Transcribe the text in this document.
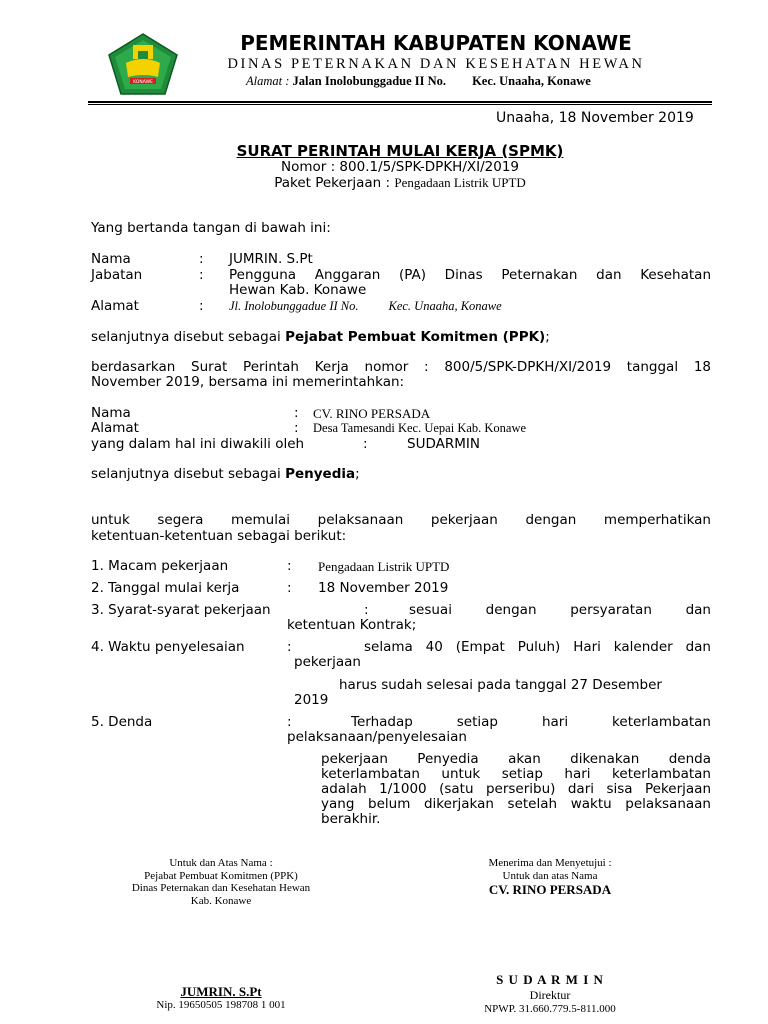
KONAWE
PEMERINTAH KABUPATEN KONAWE
DINAS PETERNAKAN DAN KESEHATAN HEWAN
Alamat : Jalan Inolobunggadue II No. Kec. Unaaha, Konawe
Unaaha, 18 November 2019
SURAT PERINTAH MULAI KERJA (SPMK)
Nomor : 800.1/5/SPK-DPKH/XI/2019
Paket Pekerjaan : Pengadaan Listrik UPTD
Yang bertanda tangan di bawah ini:
Nama	: JUMRIN. S.Pt
Jabatan	: Pengguna Anggaran (PA) Dinas Peternakan dan Kesehatan
Hewan Kab. Konawe
Alamat	: Jl. Inolobunggadue II No. Kec. Unaaha, Konawe
selanjutnya disebut sebagai Pejabat Pembuat Komitmen (PPK);
berdasarkan Surat Perintah Kerja nomor : 800/5/SPK-DPKH/XI/2019 tanggal 18
November 2019, bersama ini memerintahkan:
Nama	: CV. RINO PERSADA
Alamat	: Desa Tamesandi Kec. Uepai Kab. Konawe
yang dalam hal ini diwakili oleh	:	SUDARMIN
selanjutnya disebut sebagai Penyedia;
untuk segera memulai pelaksanaan pekerjaan dengan memperhatikan
ketentuan-ketentuan sebagai berikut:
1. Macam pekerjaan	: Pengadaan Listrik UPTD
2. Tanggal mulai kerja	: 18 November 2019
3. Syarat-syarat pekerjaan	:	sesuai dengan persyaratan dan
ketentuan Kontrak;
4. Waktu penyelesaian	:	selama 40 (Empat Puluh) Hari kalender dan
pekerjaan
harus sudah selesai pada tanggal 27 Desember
2019
5. Denda	:	Terhadap setiap hari keterlambatan
pelaksanaan/penyelesaian
pekerjaan Penyedia akan dikenakan denda
keterlambatan untuk setiap hari keterlambatan
adalah 1/1000 (satu perseribu) dari sisa Pekerjaan
yang belum dikerjakan setelah waktu pelaksanaan
berakhir.
Untuk dan Atas Nama :
Pejabat Pembuat Komitmen (PPK)
Dinas Peternakan dan Kesehatan Hewan
Kab. Konawe
JUMRIN. S.Pt
Nip. 19650505 198708 1 001
Menerima dan Menyetujui :
Untuk dan atas Nama
CV. RINO PERSADA
S U D A R M I N
Direktur
NPWP. 31.660.779.5-811.000
